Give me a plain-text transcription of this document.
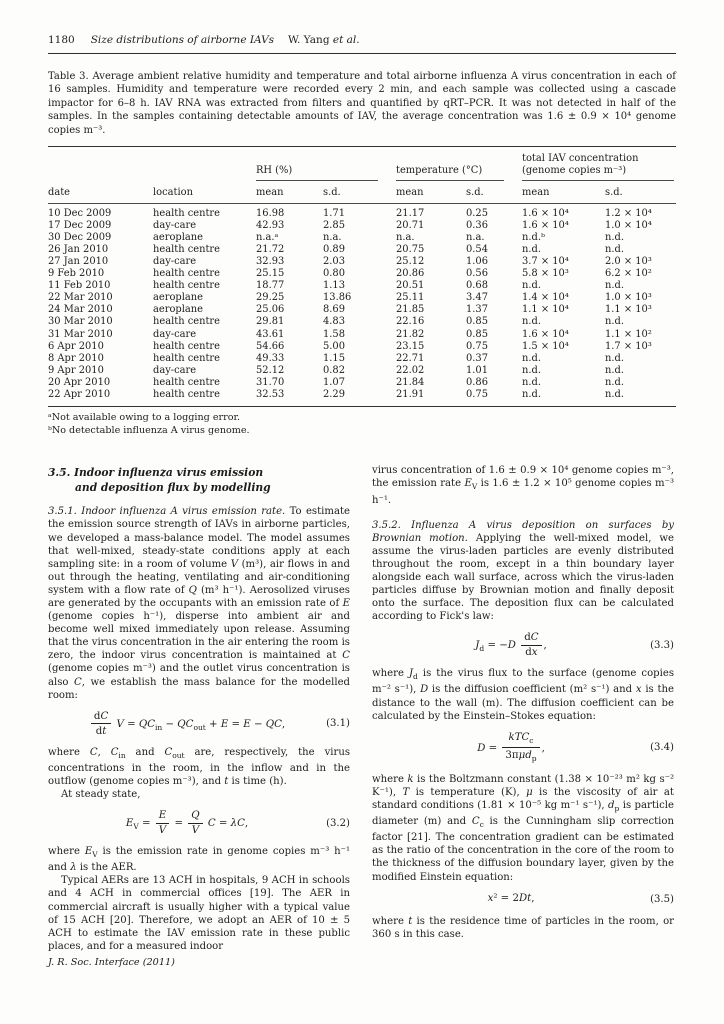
1180 Size distributions of airborne IAVs W. Yang et al.
Table 3. Average ambient relative humidity and temperature and total airborne influenza A virus concentration in each of 16 samples. Humidity and temperature were recorded every 2 min, and each sample was collected using a cascade impactor for 6–8 h. IAV RNA was extracted from filters and quantified by qRT–PCR. It was not detected in half of the samples. In the samples containing detectable amounts of IAV, the average concentration was 1.6 ± 0.9 × 10⁴ genome copies m⁻³.
RH (%)	temperature (°C)
total IAV concentration (genome copies m⁻³)
date	location	mean	s.d.	mean	s.d.	mean	s.d.
10 Dec 2009	health centre	16.98	1.71	21.17	0.25	1.6 × 10⁴	1.2 × 10⁴
17 Dec 2009	day-care	42.93	2.85	20.71	0.36	1.6 × 10⁴	1.0 × 10⁴
30 Dec 2009	aeroplane	n.a.ᵃ	n.a.	n.a.	n.a.	n.d.ᵇ	n.d.
26 Jan 2010	health centre	21.72	0.89	20.75	0.54	n.d.	n.d.
27 Jan 2010	day-care	32.93	2.03	25.12	1.06	3.7 × 10⁴	2.0 × 10³
9 Feb 2010	health centre	25.15	0.80	20.86	0.56	5.8 × 10³	6.2 × 10²
11 Feb 2010	health centre	18.77	1.13	20.51	0.68	n.d.	n.d.
22 Mar 2010	aeroplane	29.25	13.86	25.11	3.47	1.4 × 10⁴	1.0 × 10³
24 Mar 2010	aeroplane	25.06	8.69	21.85	1.37	1.1 × 10⁴	1.1 × 10³
30 Mar 2010	health centre	29.81	4.83	22.16	0.85	n.d.	n.d.
31 Mar 2010	day-care	43.61	1.58	21.82	0.85	1.6 × 10⁴	1.1 × 10²
6 Apr 2010	health centre	54.66	5.00	23.15	0.75	1.5 × 10⁴	1.7 × 10³
8 Apr 2010	health centre	49.33	1.15	22.71	0.37	n.d.	n.d.
9 Apr 2010	day-care	52.12	0.82	22.02	1.01	n.d.	n.d.
20 Apr 2010	health centre	31.70	1.07	21.84	0.86	n.d.	n.d.
22 Apr 2010	health centre	32.53	2.29	21.91	0.75	n.d.	n.d.
ᵃNot available owing to a logging error.
ᵇNo detectable influenza A virus genome.
3.5. Indoor influenza virus emission
and deposition flux by modelling

3.5.1. Indoor influenza A virus emission rate. To estimate the emission source strength of IAVs in airborne particles, we developed a mass-balance model. The model assumes that well-mixed, steady-state conditions apply at each sampling site: in a room of volume V (m³), air flows in and out through the heating, ventilating and air-conditioning system with a flow rate of Q (m³ h⁻¹). Aerosolized viruses are generated by the occupants with an emission rate of E (genome copies h⁻¹), disperse into ambient air and become well mixed immediately upon release. Assuming that the virus concentration in the air entering the room is zero, the indoor virus concentration is maintained at C (genome copies m⁻³) and the outlet virus concentration is also C, we establish the mass balance for the modelled room:

$\frac{dC}{dt}$ $V = QC_{in} - QC_{out} + E = E$ − QC,	(3.1)

where C, $C_{in}$ and $C_{out}$ are, respectively, the virus concentrations in the room, in the inflow and in the outflow (genome copies m⁻³), and t is time (h).

At steady state,

$E_V = \frac{E}{V} = \frac{Q}{V}$ C = λC,	(3.2)

where $E_V$ is the emission rate in genome copies m⁻³ h⁻¹ and λ is the AER.

Typical AERs are 13 ACH in hospitals, 9 ACH in schools and 4 ACH in commercial offices [19]. The AER in commercial aircraft is usually higher with a typical value of 15 ACH [20]. Therefore, we adopt an AER of 10 ± 5 ACH to estimate the IAV emission rate in these public places, and for a measured indoor

virus concentration of 1.6 ± 0.9 × 10⁴ genome copies m⁻³, the emission rate $E_V$ is 1.6 ± 1.2 × 10⁵ genome copies m⁻³ h⁻¹.

3.5.2. Influenza A virus deposition on surfaces by Brownian motion. Applying the well-mixed model, we assume the virus-laden particles are evenly distributed throughout the room, except in a thin boundary layer alongside each wall surface, across which the virus-laden particles diffuse by Brownian motion and finally deposit onto the surface. The deposition flux can be calculated according to Fick's law:

$J_d = -D \frac{dC}{dx}$ ,	(3.3)

where $J_d$ is the virus flux to the surface (genome copies m⁻² s⁻¹), D is the diffusion coefficient (m² s⁻¹) and x is the distance to the wall (m). The diffusion coefficient can be calculated by the Einstein–Stokes equation:

$D = \frac{kTC_c}{3\pi\mu d_p}$ ,	(3.4)

where k is the Boltzmann constant (1.38 × 10⁻²³ m² kg s⁻² K⁻¹), T is temperature (K), μ is the viscosity of air at standard conditions (1.81 × 10⁻⁵ kg m⁻¹ s⁻¹), $d_p$ is particle diameter (m) and $C_c$ is the Cunningham slip correction factor [21]. The concentration gradient can be estimated as the ratio of the concentration in the core of the room to the thickness of the diffusion boundary layer, given by the modified Einstein equation:

x² = 2Dt,	(3.5)

where t is the residence time of particles in the room, or 360 s in this case.

J. R. Soc. Interface (2011)
